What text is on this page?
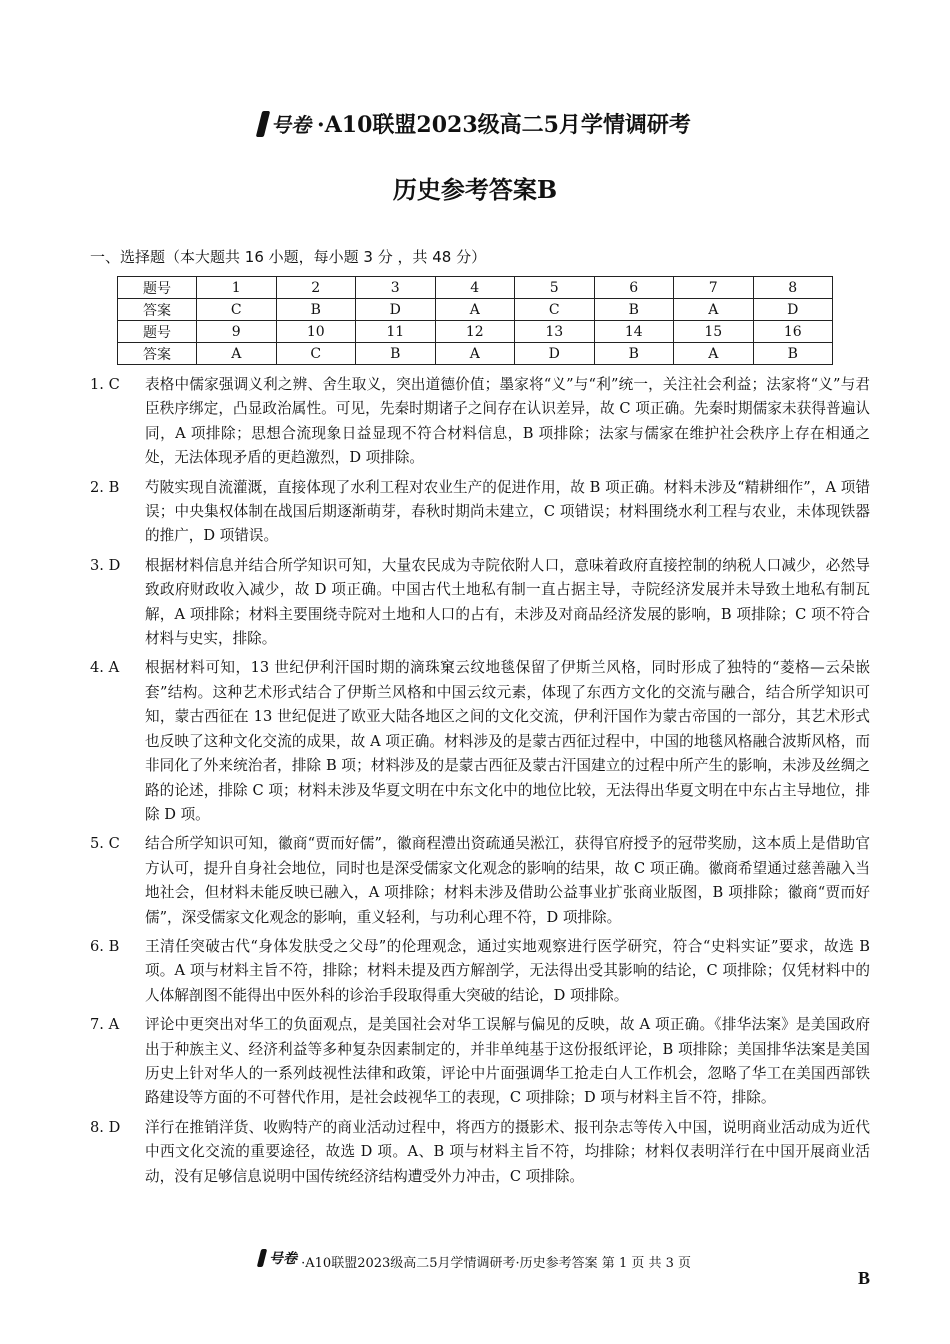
号卷 ·A10联盟2023级高二5月学情调研考
历史参考答案B
一、选择题（本大题共 16 小题，每小题 3 分 ，共 48 分）
题号	1	2	3	4	5	6	7	8
答案	C	B	D	A	C	B	A	D
题号	9	10	11	12	13	14	15	16
答案	A	C	B	A	D	B	A	B
1. C	表格中儒家强调义利之辨、舍生取义，突出道德价值；墨家将“义”与“利”统一，关注社会利益；法家将“义”与君臣秩序绑定，凸显政治属性。可见，先秦时期诸子之间存在认识差异，故 C 项正确。先秦时期儒家未获得普遍认同，A 项排除；思想合流现象日益显现不符合材料信息，B 项排除；法家与儒家在维护社会秩序上存在相通之处，无法体现矛盾的更趋激烈，D 项排除。
2. B	芍陂实现自流灌溉，直接体现了水利工程对农业生产的促进作用，故 B 项正确。材料未涉及“精耕细作”，A 项错误；中央集权体制在战国后期逐渐萌芽，春秋时期尚未建立，C 项错误；材料围绕水利工程与农业，未体现铁器的推广，D 项错误。
3. D	根据材料信息并结合所学知识可知，大量农民成为寺院依附人口，意味着政府直接控制的纳税人口减少，必然导致政府财政收入减少，故 D 项正确。中国古代土地私有制一直占据主导，寺院经济发展并未导致土地私有制瓦解，A 项排除；材料主要围绕寺院对土地和人口的占有，未涉及对商品经济发展的影响，B 项排除；C 项不符合材料与史实，排除。
4. A	根据材料可知，13 世纪伊利汗国时期的滴珠窠云纹地毯保留了伊斯兰风格，同时形成了独特的“菱格—云朵嵌套”结构。这种艺术形式结合了伊斯兰风格和中国云纹元素，体现了东西方文化的交流与融合，结合所学知识可知，蒙古西征在 13 世纪促进了欧亚大陆各地区之间的文化交流，伊利汗国作为蒙古帝国的一部分，其艺术形式也反映了这种文化交流的成果，故 A 项正确。材料涉及的是蒙古西征过程中，中国的地毯风格融合波斯风格，而非同化了外来统治者，排除 B 项；材料涉及的是蒙古西征及蒙古汗国建立的过程中所产生的影响，未涉及丝绸之路的论述，排除 C 项；材料未涉及华夏文明在中东文化中的地位比较，无法得出华夏文明在中东占主导地位，排除 D 项。
5. C	结合所学知识可知，徽商“贾而好儒”，徽商程澧出资疏通吴淞江，获得官府授予的冠带奖励，这本质上是借助官方认可，提升自身社会地位，同时也是深受儒家文化观念的影响的结果，故 C 项正确。徽商希望通过慈善融入当地社会，但材料未能反映已融入，A 项排除；材料未涉及借助公益事业扩张商业版图，B 项排除；徽商“贾而好儒”，深受儒家文化观念的影响，重义轻利，与功利心理不符，D 项排除。
6. B	王清任突破古代“身体发肤受之父母”的伦理观念，通过实地观察进行医学研究，符合“史料实证”要求，故选 B 项。A 项与材料主旨不符，排除；材料未提及西方解剖学，无法得出受其影响的结论，C 项排除；仅凭材料中的人体解剖图不能得出中医外科的诊治手段取得重大突破的结论，D 项排除。
7. A	评论中更突出对华工的负面观点，是美国社会对华工误解与偏见的反映，故 A 项正确。《排华法案》是美国政府出于种族主义、经济利益等多种复杂因素制定的，并非单纯基于这份报纸评论，B 项排除；美国排华法案是美国历史上针对华人的一系列歧视性法律和政策，评论中片面强调华工抢走白人工作机会，忽略了华工在美国西部铁路建设等方面的不可替代作用，是社会歧视华工的表现，C 项排除；D 项与材料主旨不符，排除。
8. D	洋行在推销洋货、收购特产的商业活动过程中，将西方的摄影术、报刊杂志等传入中国，说明商业活动成为近代中西文化交流的重要途径，故选 D 项。A、B 项与材料主旨不符，均排除；材料仅表明洋行在中国开展商业活动，没有足够信息说明中国传统经济结构遭受外力冲击，C 项排除。
号卷 ·A10联盟2023级高二5月学情调研考·历史参考答案 第 1 页 共 3 页
B
